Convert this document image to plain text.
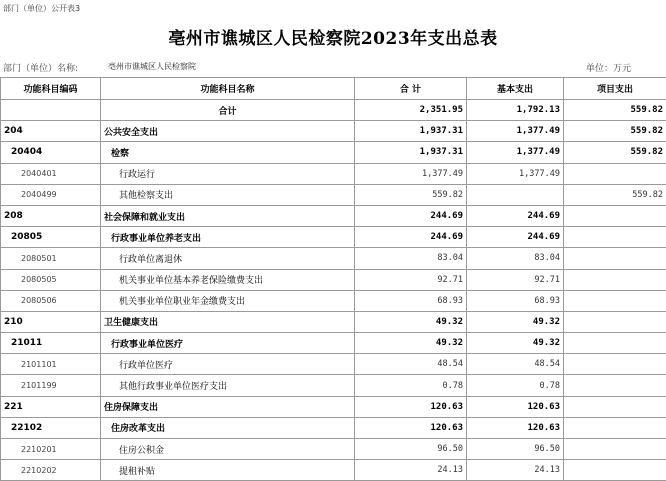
部门（单位）公开表3
亳州市谯城区人民检察院2023年支出总表
部门（单位）名称:	亳州市谯城区人民检察院	单位：万元
功能科目编码	功能科目名称	合 计	基本支出	项目支出
	合计	2,351.95	1,792.13	559.82
204	公共安全支出	1,937.31	1,377.49	559.82
20404	检察	1,937.31	1,377.49	559.82
2040401	行政运行	1,377.49	1,377.49	
2040499	其他检察支出	559.82		559.82
208	社会保障和就业支出	244.69	244.69	
20805	行政事业单位养老支出	244.69	244.69	
2080501	行政单位离退休	83.04	83.04	
2080505	机关事业单位基本养老保险缴费支出	92.71	92.71	
2080506	机关事业单位职业年金缴费支出	68.93	68.93	
210	卫生健康支出	49.32	49.32	
21011	行政事业单位医疗	49.32	49.32	
2101101	行政单位医疗	48.54	48.54	
2101199	其他行政事业单位医疗支出	0.78	0.78	
221	住房保障支出	120.63	120.63	
22102	住房改革支出	120.63	120.63	
2210201	住房公积金	96.50	96.50	
2210202	提租补贴	24.13	24.13	
